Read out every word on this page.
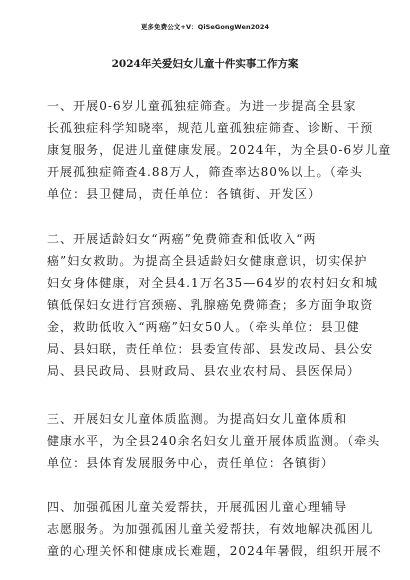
更多免费公文+V：QiSeGongWen2024
2024年关爱妇女儿童十件实事工作方案
一、开展0-6岁儿童孤独症筛查。为进一步提高全县家
长孤独症科学知晓率，规范儿童孤独症筛查、诊断、干预
康复服务，促进儿童健康发展。2024年，为全县0-6岁儿童
开展孤独症筛查4.88万人，筛查率达80%以上。（牵头
单位：县卫健局，责任单位：各镇街、开发区）
二、开展适龄妇女“两癌”免费筛查和低收入“两
癌”妇女救助。为提高全县适龄妇女健康意识，切实保护
妇女身体健康，对全县4.1万名35—64岁的农村妇女和城
镇低保妇女进行宫颈癌、乳腺癌免费筛查；多方面争取资
金，救助低收入“两癌”妇女50人。（牵头单位：县卫健
局、县妇联，责任单位：县委宣传部、县发改局、县公安
局、县民政局、县财政局、县农业农村局、县医保局）
三、开展妇女儿童体质监测。为提高妇女儿童体质和
健康水平，为全县240余名妇女儿童开展体质监测。（牵头
单位：县体育发展服务中心，责任单位：各镇街）
四、加强孤困儿童关爱帮扶，开展孤困儿童心理辅导
志愿服务。为加强孤困儿童关爱帮扶，有效地解决孤困儿
童的心理关怀和健康成长难题，2024年暑假，组织开展不
